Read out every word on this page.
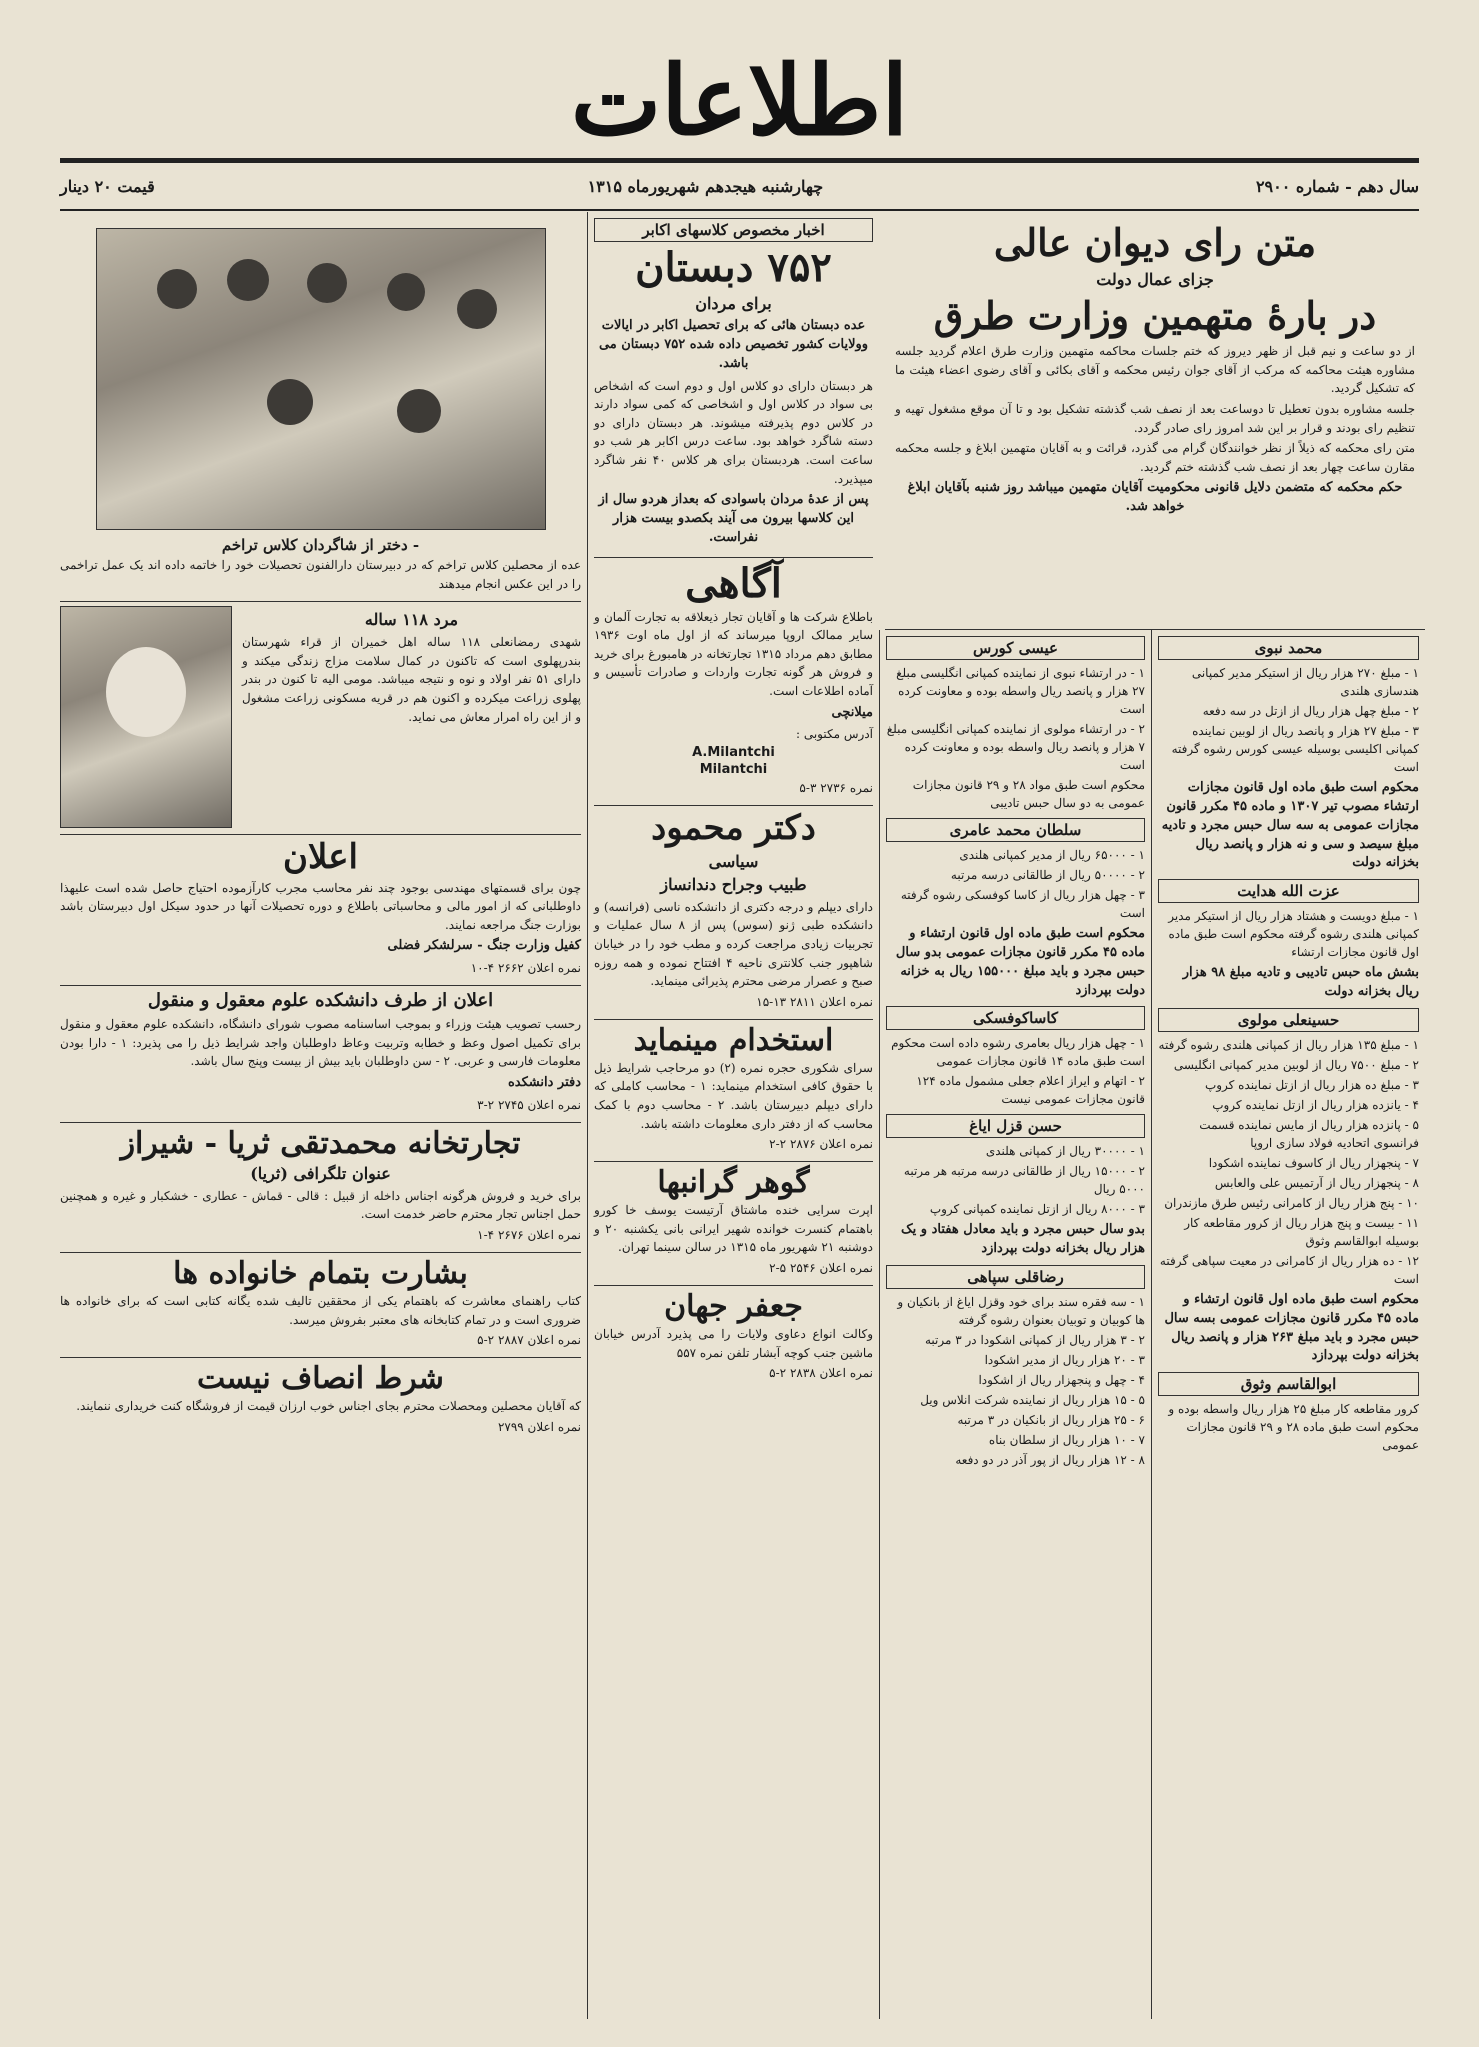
اطلاعات
سال دهم - شماره ۲۹۰۰
چهارشنبه هیجدهم شهریورماه ۱۳۱۵
قیمت ۲۰ دینار
متن رای دیوان عالی
جزای عمال دولت
در بارهٔ متهمین وزارت طرق

از دو ساعت و نیم قبل از ظهر دیروز که ختم جلسات محاکمه متهمین وزارت طرق اعلام گردید جلسه مشاوره هیئت محاکمه که مرکب از آقای جوان رئیس محکمه و آقای بکائی و آقای رضوی اعضاء هیئت ما که تشکیل گردید.

جلسه مشاوره بدون تعطیل تا دوساعت بعد از نصف شب گذشته تشکیل بود و تا آن موقع مشغول تهیه و تنظیم رای بودند و قرار بر این شد امروز رای صادر گردد.

متن رای محکمه که ذیلاً از نظر خوانندگان گرام می گذرد، قرائت و به آقایان متهمین ابلاغ و جلسه محکمه مقارن ساعت چهار بعد از نصف شب گذشته ختم گردید.

حکم محکمه که متضمن دلایل قانونی محکومیت آقایان متهمین میباشد روز شنبه بآقایان ابلاغ خواهد شد.

محمد نبوی
۱ - مبلغ ۲۷۰ هزار ریال از استیکر مدیر کمپانی هندسازی هلندی
۲ - مبلغ چهل هزار ریال از ازتل در سه دفعه
۳ - مبلغ ۲۷ هزار و پانصد ریال از لوبین نماینده کمپانی اکلیسی بوسیله عیسی کورس رشوه گرفته است
محکوم است طبق ماده اول قانون مجازات ارتشاء مصوب تیر ۱۳۰۷ و ماده ۴۵ مکرر قانون مجازات عمومی به سه سال حبس مجرد و تادیه مبلغ سیصد و سی و نه هزار و پانصد ریال بخزانه دولت
عزت الله هدایت
۱ - مبلغ دویست و هشتاد هزار ریال از استیکر مدیر کمپانی هلندی رشوه گرفته محکوم است طبق ماده اول قانون مجازات ارتشاء
بشش ماه حبس تادیبی و تادیه مبلغ ۹۸ هزار ریال بخزانه دولت
حسینعلی مولوی
۱ - مبلغ ۱۳۵ هزار ریال از کمپانی هلندی رشوه گرفته
۲ - مبلغ ۷۵۰۰ ریال از لوبین مدیر کمپانی انگلیسی
۳ - مبلغ ده هزار ریال از ازتل نماینده کروپ
۴ - یانزده هزار ریال از ازتل نماینده کروپ
۵ - پانزده هزار ریال از مایس نماینده قسمت فرانسوی اتحادیه فولاد سازی اروپا
۷ - پنجهزار ریال از کاسوف نماینده اشکودا
۸ - پنجهزار ریال از آرتمیس علی والعابس
۱۰ - پنج هزار ریال از کامرانی رئیس طرق مازندران
۱۱ - بیست و پنج هزار ریال از کرور مقاطعه کار بوسیله ابوالقاسم وثوق
۱۲ - ده هزار ریال از کامرانی در معیت سپاهی گرفته است
محکوم است طبق ماده اول قانون ارتشاء و ماده ۴۵ مکرر قانون مجازات عمومی بسه سال حبس مجرد و باید مبلغ ۲۶۳ هزار و پانصد ریال بخزانه دولت بپردازد
ابوالقاسم وثوق
کرور مقاطعه کار مبلغ ۲۵ هزار ریال واسطه بوده و محکوم است طبق ماده ۲۸ و ۲۹ قانون مجازات عمومی
عیسی کورس
۱ - در ارتشاء نبوی از نماینده کمپانی انگلیسی مبلغ ۲۷ هزار و پانصد ریال واسطه بوده و معاونت کرده است
۲ - در ارتشاء مولوی از نماینده کمپانی انگلیسی مبلغ ۷ هزار و پانصد ریال واسطه بوده و معاونت کرده است
محکوم است طبق مواد ۲۸ و ۲۹ قانون مجازات عمومی به دو سال حبس تادیبی
سلطان محمد عامری
۱ - ۶۵۰۰۰ ریال از مدیر کمپانی هلندی
۲ - ۵۰۰۰۰ ریال از طالقانی درسه مرتبه
۳ - چهل هزار ریال از کاسا کوفسکی رشوه گرفته است
محکوم است طبق ماده اول قانون ارتشاء و ماده ۴۵ مکرر قانون مجازات عمومی بدو سال حبس مجرد و باید مبلغ ۱۵۵۰۰۰ ریال به خزانه دولت بپردازد
کاساکوفسکی
۱ - چهل هزار ریال بعامری رشوه داده است محکوم است طبق ماده ۱۴ قانون مجازات عمومی
۲ - اتهام و ایراز اعلام جعلی مشمول ماده ۱۲۴ قانون مجازات عمومی نیست
حسن قزل ایاغ
۱ - ۳۰۰۰۰ ریال از کمپانی هلندی
۲ - ۱۵۰۰۰ ریال از طالقانی درسه مرتبه هر مرتبه ۵۰۰۰ ریال
۳ - ۸۰۰۰ ریال از ازتل نماینده کمپانی کروپ
بدو سال حبس مجرد و باید معادل هفتاد و یک هزار ریال بخزانه دولت بپردازد
رضاقلی سپاهی
۱ - سه فقره سند برای خود وقزل ایاغ از بانکیان و ها کوبیان و توبیان بعنوان رشوه گرفته
۲ - ۳ هزار ریال از کمپانی اشکودا در ۳ مرتبه
۳ - ۲۰ هزار ریال از مدیر اشکودا
۴ - چهل و پنجهزار ریال از اشکودا
۵ - ۱۵ هزار ریال از نماینده شرکت انلاس ویل
۶ - ۲۵ هزار ریال از بانکیان در ۳ مرتبه
۷ - ۱۰ هزار ریال از سلطان بناه
۸ - ۱۲ هزار ریال از پور آذر در دو دفعه
اخبار مخصوص کلاسهای اکابر
۷۵۲ دبستان
برای مردان
عده دبستان هائی که برای تحصیل اکابر در ایالات وولایات کشور تخصیص داده شده ۷۵۲ دبستان می باشد.

هر دبستان دارای دو کلاس اول و دوم است که اشخاص بی سواد در کلاس اول و اشخاصی که کمی سواد دارند در کلاس دوم پذیرفته میشوند. هر دبستان دارای دو دسته شاگرد خواهد بود. ساعت درس اکابر هر شب دو ساعت است. هردبستان برای هر کلاس ۴۰ نفر شاگرد میپذیرد.

پس از عدهٔ مردان باسوادی که بعداز هردو سال از این کلاسها بیرون می آیند بکصدو بیست هزار نفراست.
آگاهی

باطلاع شرکت ها و آقایان تجار ذیعلاقه به تجارت آلمان و سایر ممالک اروپا میرساند که از اول ماه اوت ۱۹۳۶ مطابق دهم مرداد ۱۳۱۵ تجارتخانه در هامبورغ برای خرید و فروش هر گونه تجارت واردات و صادرات تأسیس و آماده اطلاعات است.

میلانچی
آدرس مکتوبی :
A.Milantchi
Milantchi
نمره ۲۷۳۶ ۳-۵
دکتر محمود
سیاسی
طبیب وجراح دندانساز

دارای دیپلم و درجه دکتری از دانشکده ناسی (فرانسه) و دانشکده طبی ژنو (سوس) پس از ۸ سال عملیات و تجربیات زیادی مراجعت کرده و مطب خود را در خیابان شاهپور جنب کلانتری ناحیه ۴ افتتاح نموده و همه روزه صبح و عصرار مرضی محترم پذیرائی مینماید.

نمره اعلان ۲۸۱۱ ۱۳-۱۵
استخدام مینماید

سرای شکوری حجره نمره (۲) دو مرحاجب شرایط ذیل با حقوق کافی استخدام مینماید: ۱ - محاسب کاملی که دارای دیپلم دبیرستان باشد. ۲ - محاسب دوم با کمک محاسب که از دفتر داری معلومات داشته باشد.

نمره اعلان ۲۸۷۶ ۲-۲
گوهر گرانبها

اپرت سرایی خنده ماشتاق آرتیست یوسف خا کورو باهتمام کنسرت خوانده شهیر ایرانی بانی یکشنبه ۲۰ و دوشنبه ۲۱ شهریور ماه ۱۳۱۵ در سالن سینما تهران.

نمره اعلان ۲۵۴۶ ۵-۲
جعفر جهان

وکالت انواع دعاوی ولایات را می پذیرد آدرس خیابان ماشین جنب کوچه آبشار تلفن نمره ۵۵۷

نمره اعلان ۲۸۳۸ ۲-۵
- دختر از شاگردان کلاس تراخم

عده از محصلین کلاس تراخم که در دبیرستان دارالفنون تحصیلات خود را خاتمه داده اند یک عمل تراخمی را در این عکس انجام میدهند

مرد ۱۱۸ ساله

شهدی رمضانعلی ۱۱۸ ساله اهل خمیران از قراء شهرستان بندرپهلوی است که تاکنون در کمال سلامت مزاج زندگی میکند و دارای ۵۱ نفر اولاد و نوه و نتیجه میباشد. مومی الیه تا کنون در بندر پهلوی زراعت میکرده و اکنون هم در قریه مسکونی زراعت مشغول و از این راه امرار معاش می نماید.

اعلان

چون برای قسمتهای مهندسی بوجود چند نفر محاسب مجرب کارآزموده احتیاج حاصل شده است علیهذا داوطلبانی که از امور مالی و محاسباتی باطلاع و دوره تحصیلات آنها در حدود سیکل اول دبیرستان باشد بوزارت جنگ مراجعه نمایند.

کفیل وزارت جنگ - سرلشکر فضلی
نمره اعلان ۲۶۶۲ ۴-۱۰
اعلان از طرف دانشکده علوم معقول و منقول

رحسب تصویب هیئت وزراء و بموجب اساسنامه مصوب شورای دانشگاه، دانشکده علوم معقول و منقول برای تکمیل اصول وعظ و خطابه وتربیت وعاظ داوطلبان واجد شرایط ذیل را می پذیرد: ۱ - دارا بودن معلومات فارسی و عربی. ۲ - سن داوطلبان باید بیش از بیست وپنج سال باشد.

دفتر دانشکده
نمره اعلان ۲۷۴۵ ۲-۳
تجارتخانه محمدتقی ثریا - شیراز
عنوان تلگرافی (ثریا)

برای خرید و فروش هرگونه اجناس داخله از قبیل : قالی - قماش - عطاری - خشکبار و غیره و همچنین حمل اجناس تجار محترم حاضر خدمت است.

نمره اعلان ۲۶۷۶ ۴-۱
بشارت بتمام خانواده ها

کتاب راهنمای معاشرت که باهتمام یکی از محققین تالیف شده یگانه کتابی است که برای خانواده ها ضروری است و در تمام کتابخانه های معتبر بفروش میرسد.

نمره اعلان ۲۸۸۷ ۲-۵
شرط انصاف نیست

که آقایان محصلین ومحصلات محترم بجای اجناس خوب ارزان قیمت از فروشگاه کنت خریداری ننمایند.

نمره اعلان ۲۷۹۹
